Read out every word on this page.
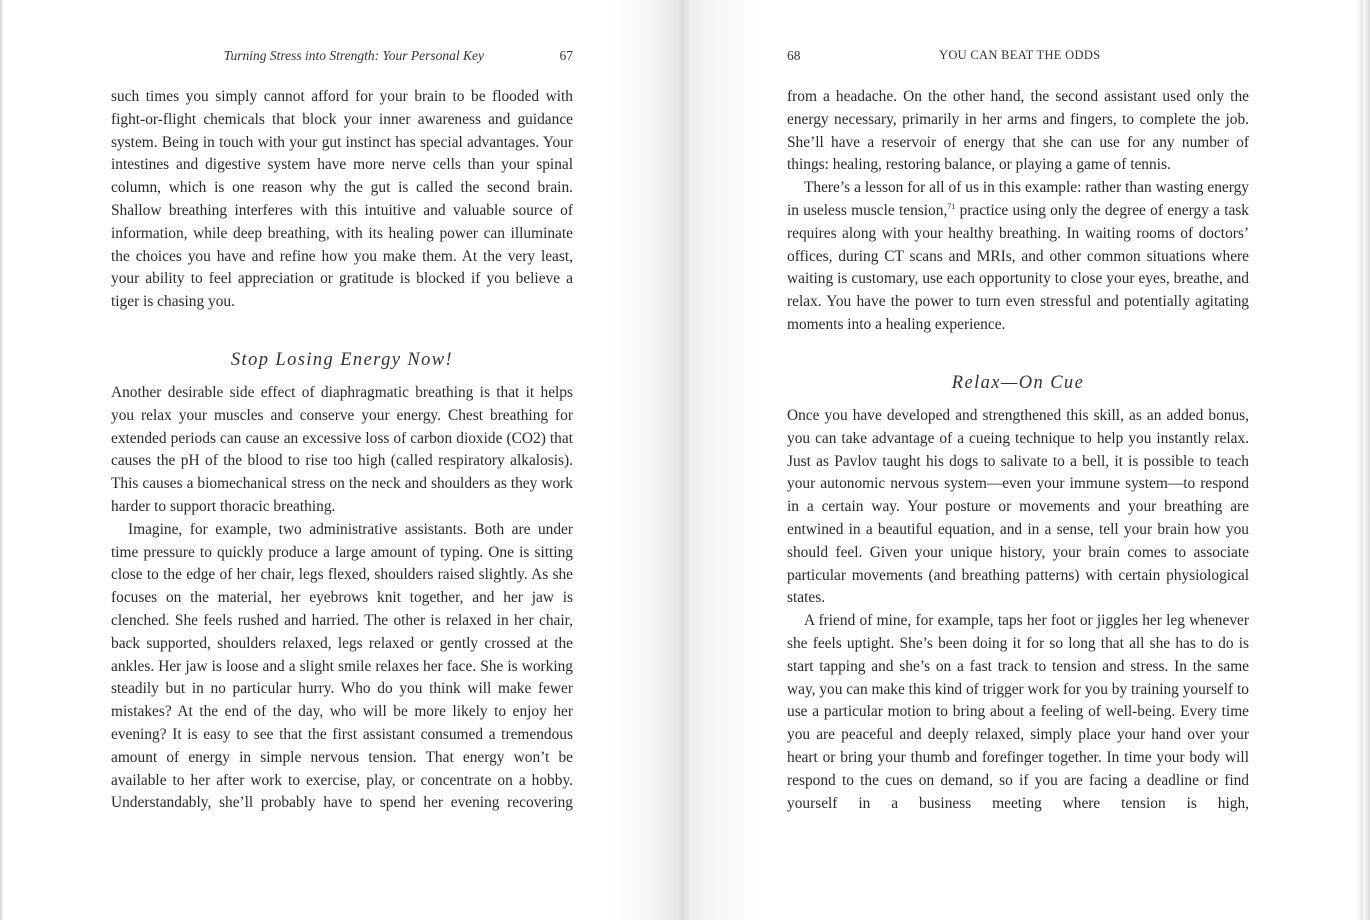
Turning Stress into Strength: Your Personal Key	67

such times you simply cannot afford for your brain to be flooded with fight-or-flight chemicals that block your inner awareness and guidance system. Being in touch with your gut instinct has special advantages. Your intestines and digestive system have more nerve cells than your spinal column, which is one reason why the gut is called the second brain. Shallow breathing interferes with this intuitive and valuable source of information, while deep breathing, with its healing power can illuminate the choices you have and refine how you make them. At the very least, your ability to feel appreciation or gratitude is blocked if you believe a tiger is chasing you.

Stop Losing Energy Now!

Another desirable side effect of diaphragmatic breathing is that it helps you relax your muscles and conserve your energy. Chest breathing for extended periods can cause an excessive loss of carbon dioxide (CO2) that causes the pH of the blood to rise too high (called respiratory alkalosis). This causes a biomechanical stress on the neck and shoulders as they work harder to support thoracic breathing.

Imagine, for example, two administrative assistants. Both are under time pressure to quickly produce a large amount of typing. One is sitting close to the edge of her chair, legs flexed, shoulders raised slightly. As she focuses on the material, her eyebrows knit together, and her jaw is clenched. She feels rushed and harried. The other is relaxed in her chair, back supported, shoulders relaxed, legs relaxed or gently crossed at the ankles. Her jaw is loose and a slight smile relaxes her face. She is working steadily but in no particular hurry. Who do you think will make fewer mistakes? At the end of the day, who will be more likely to enjoy her evening? It is easy to see that the first assistant consumed a tremendous amount of energy in simple nervous tension. That energy won’t be available to her after work to exercise, play, or concentrate on a hobby. Understandably, she’ll probably have to spend her evening recovering

68	YOU CAN BEAT THE ODDS

from a headache. On the other hand, the second assistant used only the energy necessary, primarily in her arms and fingers, to complete the job. She’ll have a reservoir of energy that she can use for any number of things: healing, restoring balance, or playing a game of tennis.

There’s a lesson for all of us in this example: rather than wasting energy in useless muscle tension,$^{71}$ practice using only the degree of energy a task requires along with your healthy breathing. In waiting rooms of doctors’ offices, during CT scans and MRIs, and other common situations where waiting is customary, use each opportunity to close your eyes, breathe, and relax. You have the power to turn even stressful and potentially agitating moments into a healing experience.

Relax—On Cue

Once you have developed and strengthened this skill, as an added bonus, you can take advantage of a cueing technique to help you instantly relax. Just as Pavlov taught his dogs to salivate to a bell, it is possible to teach your autonomic nervous system—even your immune system—to respond in a certain way. Your posture or movements and your breathing are entwined in a beautiful equation, and in a sense, tell your brain how you should feel. Given your unique history, your brain comes to associate particular movements (and breathing patterns) with certain physiological states.

A friend of mine, for example, taps her foot or jiggles her leg whenever she feels uptight. She’s been doing it for so long that all she has to do is start tapping and she’s on a fast track to tension and stress. In the same way, you can make this kind of trigger work for you by training yourself to use a particular motion to bring about a feeling of well-being. Every time you are peaceful and deeply relaxed, simply place your hand over your heart or bring your thumb and forefinger together. In time your body will respond to the cues on demand, so if you are facing a deadline or find yourself in a business meeting where tension is high,
